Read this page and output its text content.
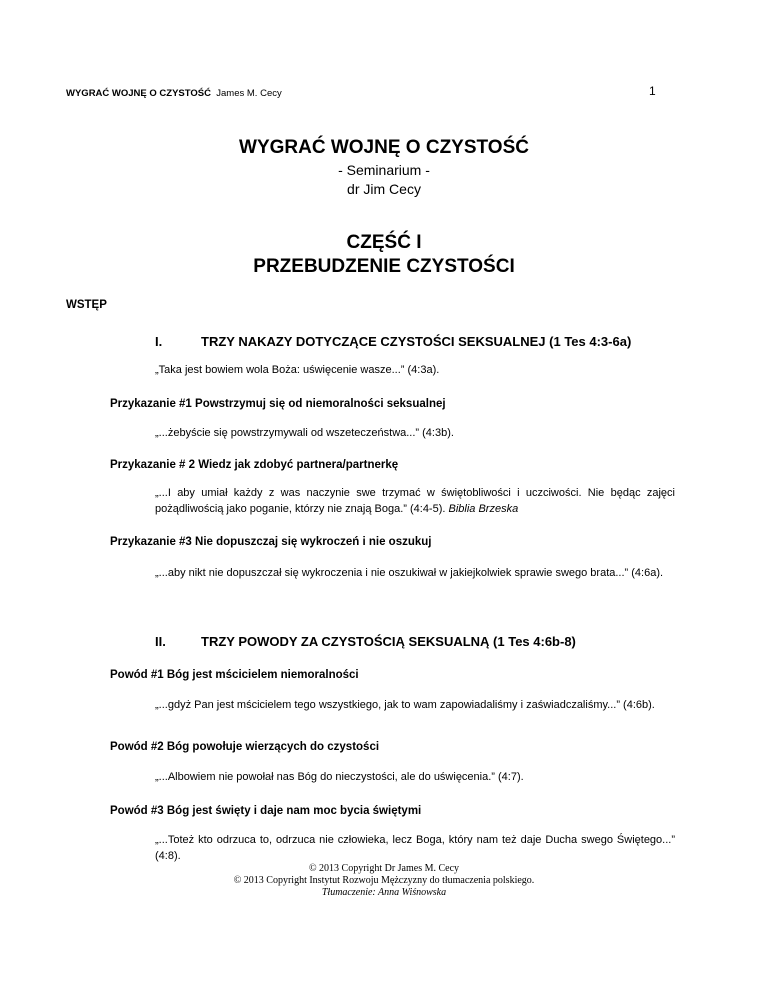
WYGRAĆ WOJNĘ O CZYSTOŚĆ James M. Cecy	1
WYGRAĆ WOJNĘ O CZYSTOŚĆ
- Seminarium -
dr Jim Cecy
CZĘŚĆ I
PRZEBUDZENIE CZYSTOŚCI
WSTĘP
I.	TRZY NAKAZY DOTYCZĄCE CZYSTOŚCI SEKSUALNEJ (1 Tes 4:3-6a)
„Taka jest bowiem wola Boża: uświęcenie wasze...” (4:3a).
Przykazanie #1 Powstrzymuj się od niemoralności seksualnej
„...żebyście się powstrzymywali od wszeteczeństwa...” (4:3b).
Przykazanie # 2 Wiedz jak zdobyć partnera/partnerkę
„...I aby umiał każdy z was naczynie swe trzymać w świętobliwości i uczciwości. Nie będąc zajęci pożądliwością jako poganie, którzy nie znają Boga.” (4:4-5). Biblia Brzeska
Przykazanie #3 Nie dopuszczaj się wykroczeń i nie oszukuj
„...aby nikt nie dopuszczał się wykroczenia i nie oszukiwał w jakiejkolwiek sprawie swego brata...” (4:6a).
II.	TRZY POWODY ZA CZYSTOŚCIĄ SEKSUALNĄ (1 Tes 4:6b-8)
Powód #1 Bóg jest mścicielem niemoralności
„...gdyż Pan jest mścicielem tego wszystkiego, jak to wam zapowiadaliśmy i zaświadczaliśmy...” (4:6b).
Powód #2 Bóg powołuje wierzących do czystości
„...Albowiem nie powołał nas Bóg do nieczystości, ale do uświęcenia.” (4:7).
Powód #3 Bóg jest święty i daje nam moc bycia świętymi
„...Toteż kto odrzuca to, odrzuca nie człowieka, lecz Boga, który nam też daje Ducha swego Świętego...” (4:8).
© 2013 Copyright Dr James M. Cecy
© 2013 Copyright Instytut Rozwoju Mężczyzny do tłumaczenia polskiego.
Tłumaczenie: Anna Wiśnowska
